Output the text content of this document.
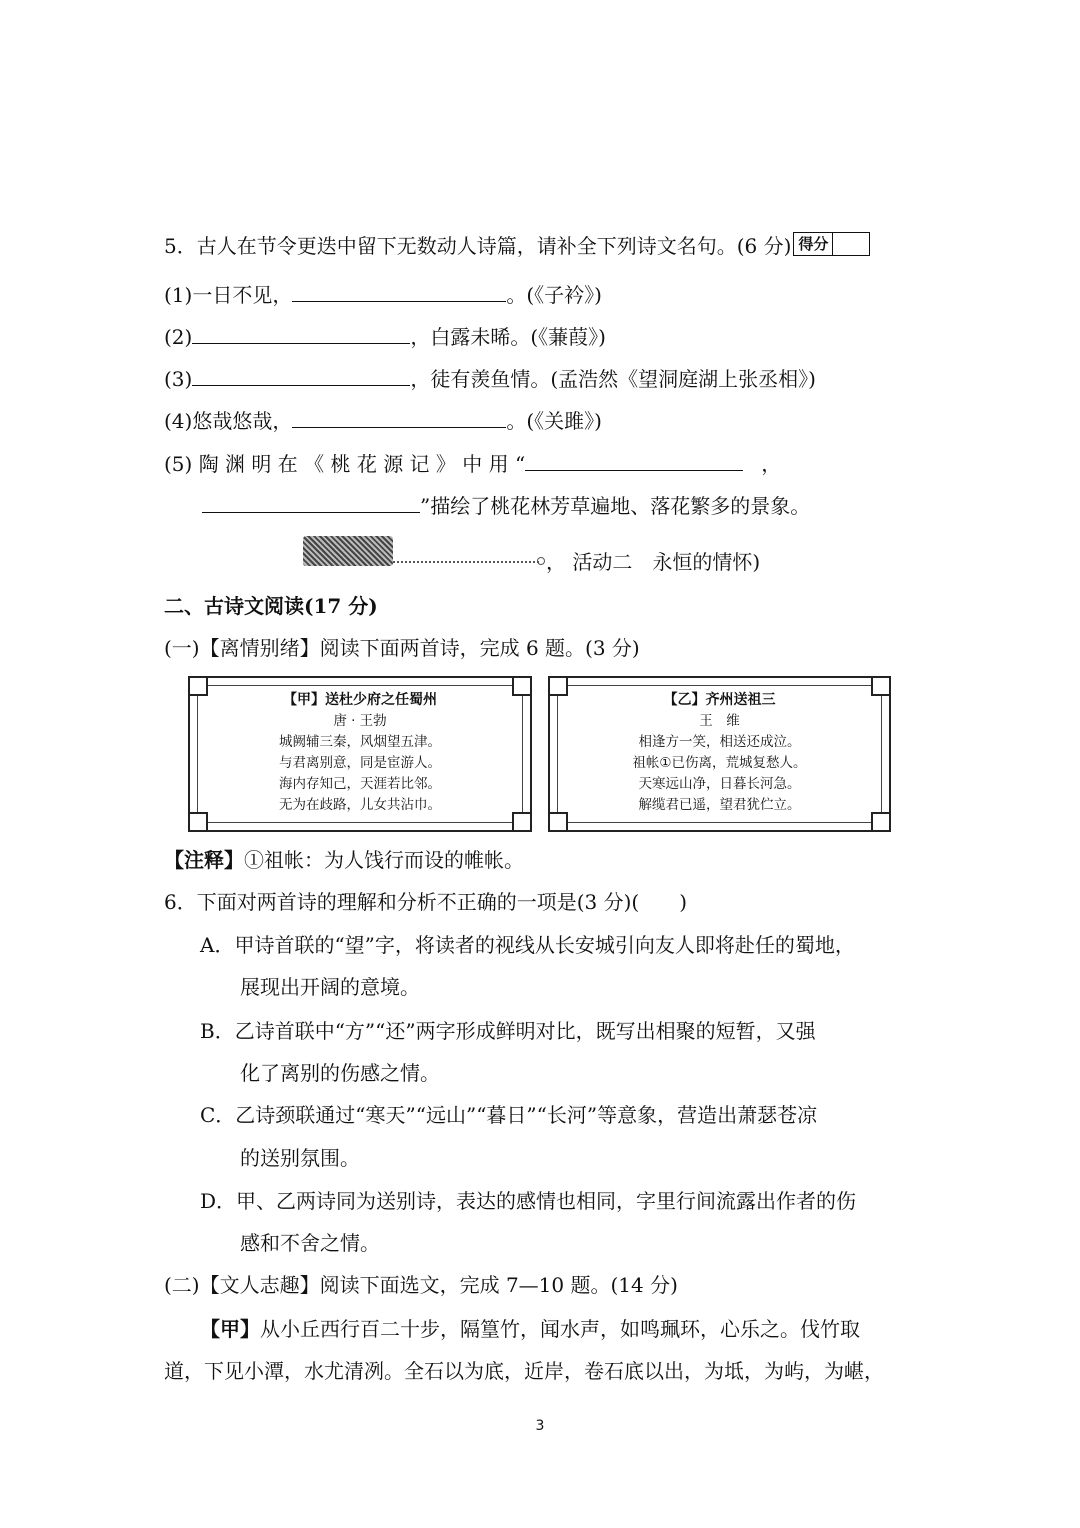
5．古人在节令更迭中留下无数动人诗篇，请补全下列诗文名句。(6 分) 得分
(1)一日不见，	。(《子衿》)
(2)	，白露未晞。(《蒹葭》)
(3)	，徒有羡鱼情。(孟浩然《望洞庭湖上张丞相》)
(4)悠哉悠哉，	。(《关雎》)
(5) 陶 渊 明 在 《 桃 花 源 记 》 中 用 “	，
”描绘了桃花林芳草遍地、落花繁多的景象。
， 活动二　永恒的情怀)
二、古诗文阅读(17 分)
(一)【离情别绪】阅读下面两首诗，完成 6 题。(3 分)
【甲】送杜少府之任蜀州
唐 · 王勃
城阙辅三秦，风烟望五津。
与君离别意，同是宦游人。
海内存知己，天涯若比邻。
无为在歧路，儿女共沾巾。
【乙】齐州送祖三
王　维
相逢方一笑，相送还成泣。
祖帐①已伤离，荒城复愁人。
天寒远山净，日暮长河急。
解缆君已遥，望君犹伫立。
【注释】①祖帐：为人饯行而设的帷帐。
6．下面对两首诗的理解和分析不正确的一项是(3 分)(　　)
A．甲诗首联的“望”字，将读者的视线从长安城引向友人即将赴任的蜀地，
展现出开阔的意境。
B．乙诗首联中“方”“还”两字形成鲜明对比，既写出相聚的短暂，又强
化了离别的伤感之情。
C．乙诗颈联通过“寒天”“远山”“暮日”“长河”等意象，营造出萧瑟苍凉
的送别氛围。
D．甲、乙两诗同为送别诗，表达的感情也相同，字里行间流露出作者的伤
感和不舍之情。
(二)【文人志趣】阅读下面选文，完成 7—10 题。(14 分)
【甲】从小丘西行百二十步，隔篁竹，闻水声，如鸣珮环，心乐之。伐竹取
道，下见小潭，水尤清冽。全石以为底，近岸，卷石底以出，为坻，为屿，为嵁，
3
